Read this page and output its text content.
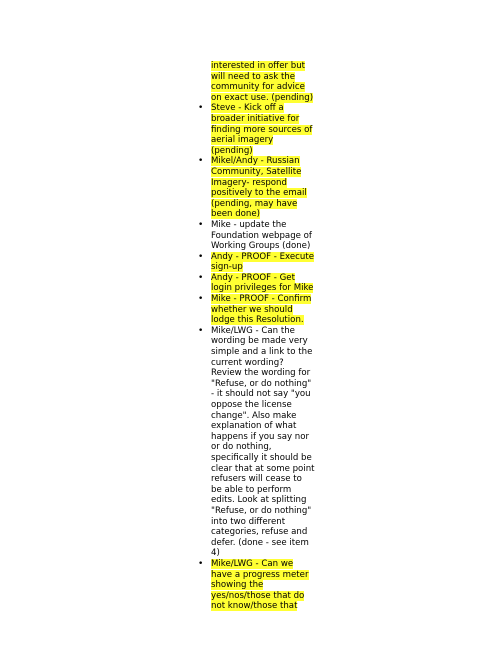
interested in offer but will need to ask the community for advice on exact use. (pending)

• Steve - Kick off a broader initiative for finding more sources of aerial imagery (pending)
• Mikel/Andy - Russian Community, Satellite Imagery- respond positively to the email (pending, may have been done)
• Mike - update the Foundation webpage of Working Groups (done)
• Andy - PROOF - Execute sign-up
• Andy - PROOF - Get login privileges for Mike
• Mike - PROOF - Confirm whether we should lodge this Resolution.
• Mike/LWG - Can the wording be made very simple and a link to the current wording? Review the wording for "Refuse, or do nothing" - it should not say "you oppose the license change". Also make explanation of what happens if you say nor or do nothing, specifically it should be clear that at some point refusers will cease to be able to perform edits. Look at splitting "Refuse, or do nothing" into two different categories, refuse and defer. (done - see item 4)
• Mike/LWG - Can we have a progress meter showing the yes/nos/those that do not know/those that
